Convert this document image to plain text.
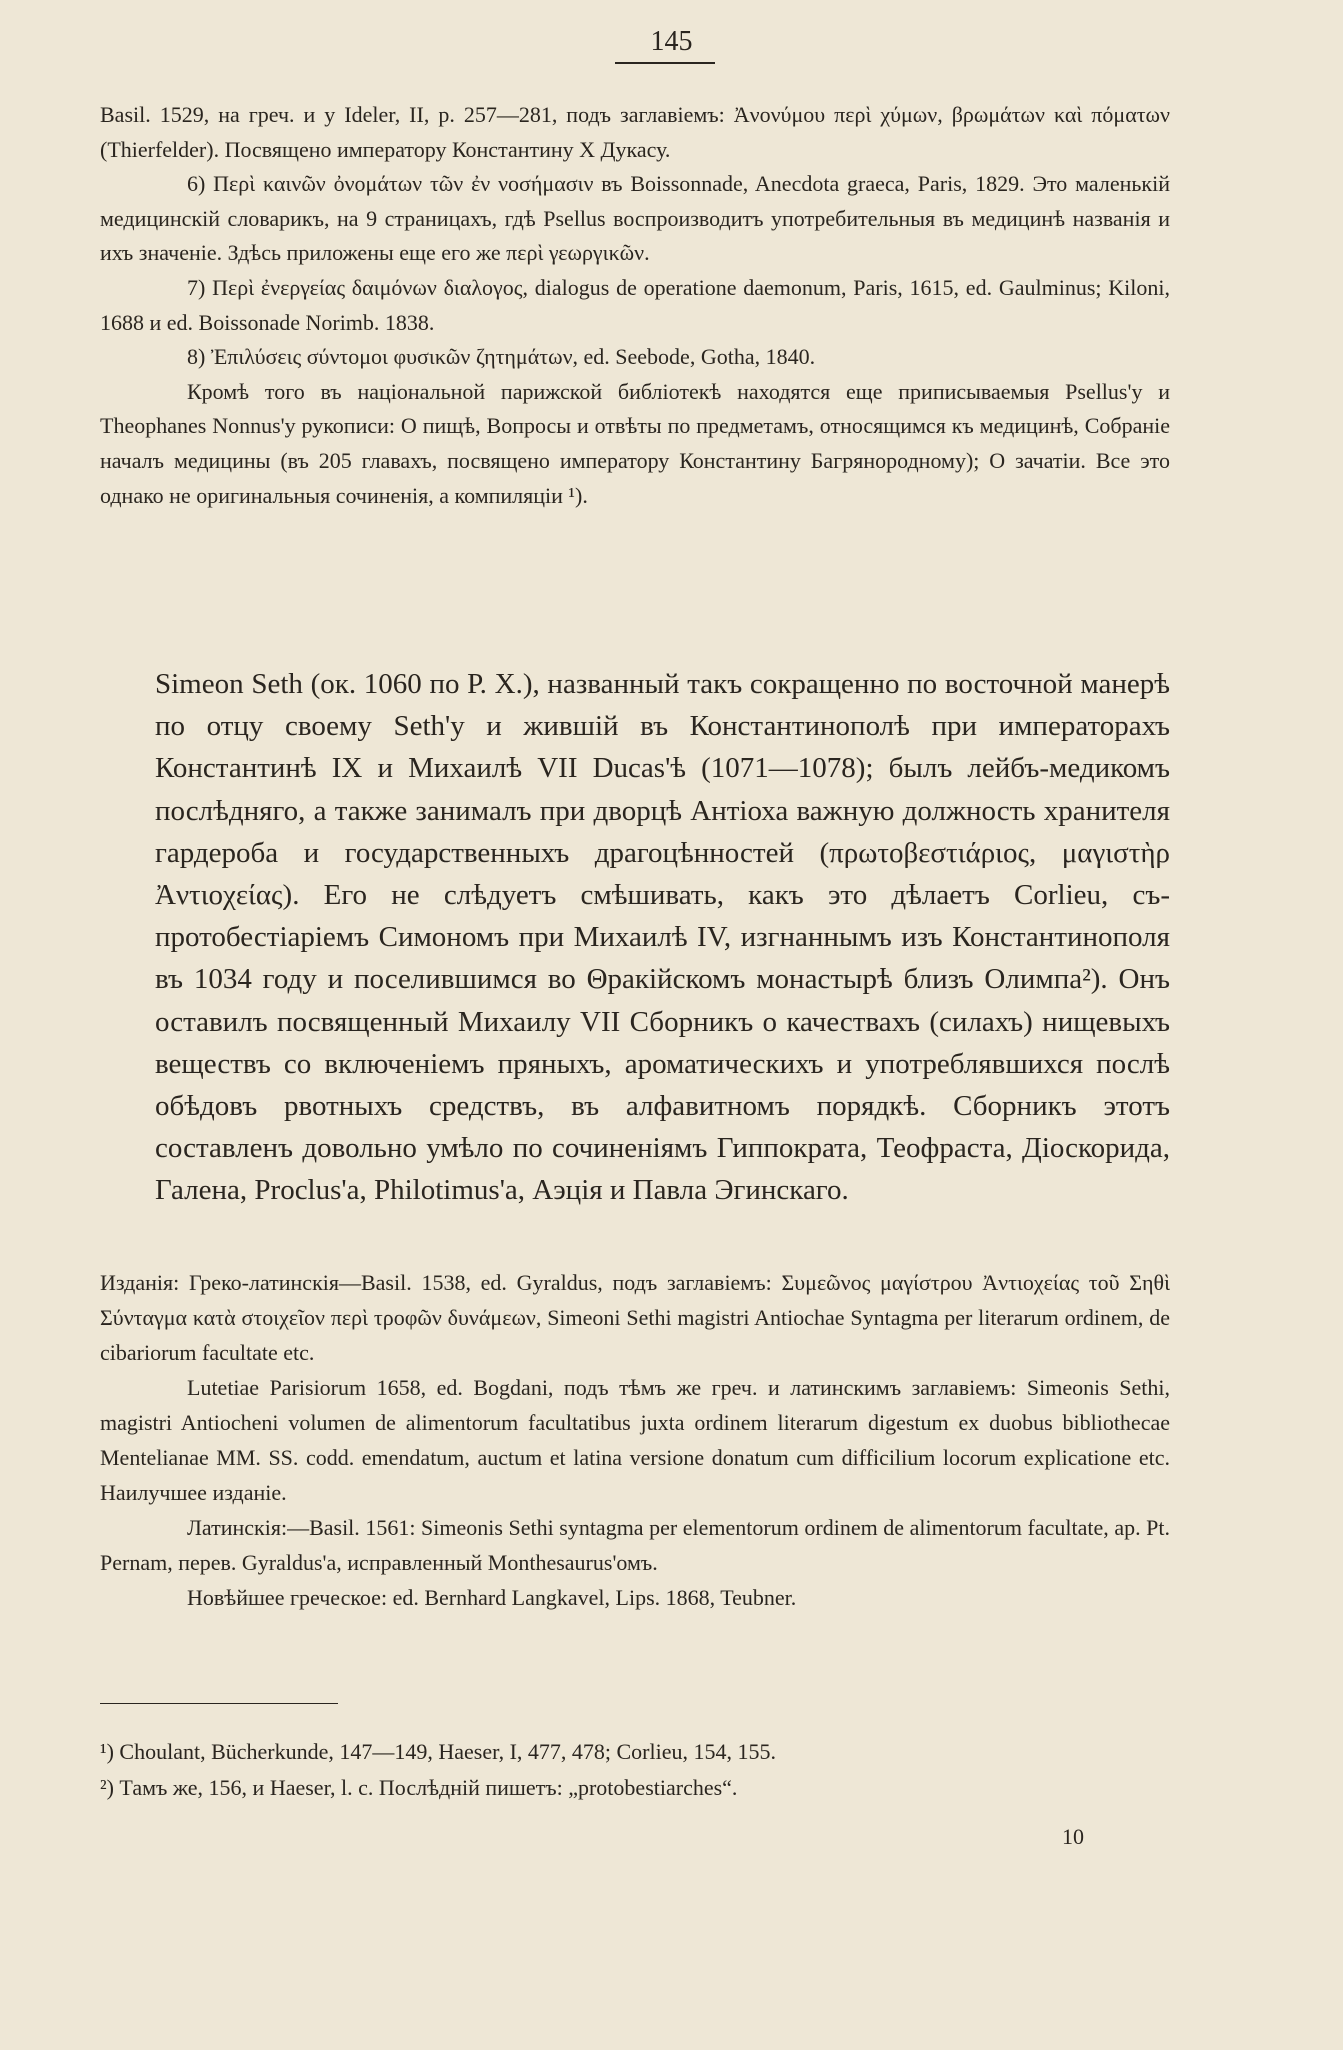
145

Basil. 1529, на греч. и у Ideler, II, p. 257—281, подъ заглавіемъ: Ἀνονύμου περὶ χύμων, βρωμάτων καὶ πόματων (Thierfelder). Посвящено императору Константину X Дукасу.

6) Περὶ καινῶν ὀνομάτων τῶν ἐν νοσήμασιν въ Boissonnade, Anecdota graeca, Paris, 1829. Это маленькій медицинскій словарикъ, на 9 страницахъ, гдѣ Psellus воспроизводитъ употребительныя въ медицинѣ названія и ихъ значеніе. Здѣсь приложены еще его же περὶ γεωργικῶν.

7) Περὶ ἐνεργείας δαιμόνων διαλογος, dialogus de operatione daemonum, Paris, 1615, ed. Gaulminus; Kiloni, 1688 и ed. Boissonade Norimb. 1838.

8) Ἐπιλύσεις σύντομοι φυσικῶν ζητημάτων, ed. Seebode, Gotha, 1840.

Кромѣ того въ національной парижской библіотекѣ находятся еще приписываемыя Psellus'у и Theophanes Nonnus'у рукописи: О пищѣ, Вопросы и отвѣты по предметамъ, относящимся къ медицинѣ, Собраніе началъ медицины (въ 205 главахъ, посвящено императору Константину Багрянородному); О зачатіи. Все это однако не оригинальныя сочиненія, а компиляціи ¹).

Simeon Seth (ок. 1060 по Р. Х.), названный такъ сокращенно по восточной манерѣ по отцу своему Seth'у и жившій въ Константинополѣ при императорахъ Константинѣ IX и Михаилѣ VII Ducas'ѣ (1071—1078); былъ лейбъ-медикомъ послѣдняго, а также занималъ при дворцѣ Антіоха важную должность хранителя гардероба и государственныхъ драгоцѣнностей (πρωτοβεστιάριος, μαγιστὴρ Ἀντιοχείας). Его не слѣдуетъ смѣшивать, какъ это дѣлаетъ Corlieu, съ-протобестіаріемъ Симономъ при Михаилѣ IV, изгнаннымъ изъ Константинополя въ 1034 году и поселившимся во Θракійскомъ монастырѣ близъ Олимпа²). Онъ оставилъ посвященный Михаилу VII Сборникъ о качествахъ (силахъ) нищевыхъ веществъ со включеніемъ пряныхъ, ароматическихъ и употреблявшихся послѣ обѣдовъ рвотныхъ средствъ, въ алфавитномъ порядкѣ. Сборникъ этотъ составленъ довольно умѣло по сочиненіямъ Гиппократа, Теофраста, Діоскорида, Галена, Proclus'а, Philotimus'а, Аэція и Павла Эгинскаго.

Изданія: Греко-латинскія—Basil. 1538, ed. Gyraldus, подъ заглавіемъ: Συμεῶνος μαγίστρου Ἀντιοχείας τοῦ Σηθὶ Σύνταγμα κατὰ στοιχεῖον περὶ τροφῶν δυνάμεων, Simeoni Sethi magistri Antiochae Syntagma per literarum ordinem, de cibariorum facultate etc.

Lutetiae Parisiorum 1658, ed. Bogdani, подъ тѣмъ же греч. и латинскимъ заглавіемъ: Simeonis Sethi, magistri Antiocheni volumen de alimentorum facultatibus juxta ordinem literarum digestum ex duobus bibliothecae Mentelianae MM. SS. codd. emendatum, auctum et latina versione donatum cum difficilium locorum explicatione etc. Наилучшее изданіе.

Латинскія:—Basil. 1561: Simeonis Sethi syntagma per elementorum ordinem de alimentorum facultate, ap. Pt. Pernam, перев. Gyraldus'а, исправленный Monthesaurus'омъ.

Новѣйшее греческое: ed. Bernhard Langkavel, Lips. 1868, Teubner.

¹) Choulant, Bücherkunde, 147—149, Haeser, I, 477, 478; Corlieu, 154, 155.

²) Тамъ же, 156, и Haeser, l. c. Послѣдній пишетъ: „protobestiarches“.

10
